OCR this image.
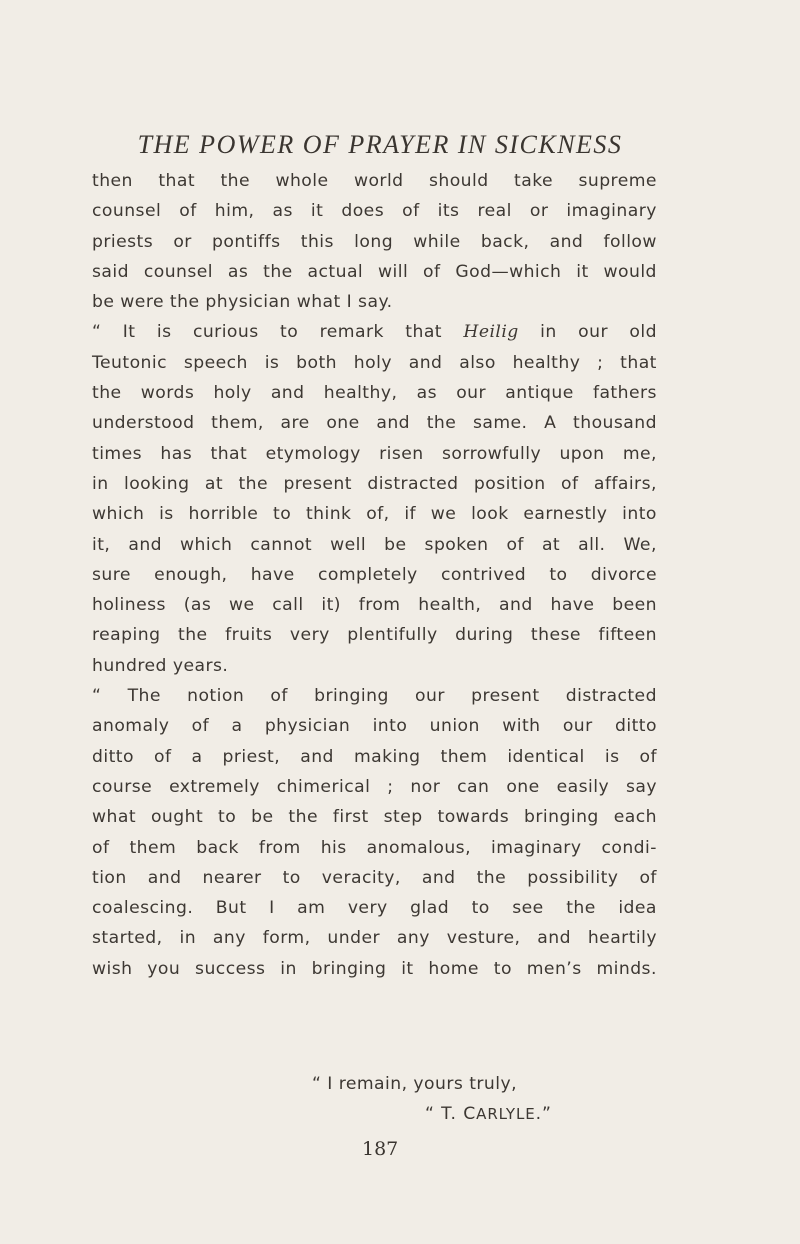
THE POWER OF PRAYER IN SICKNESS
then that the whole world should take supreme
counsel of him, as it does of its real or imaginary
priests or pontiffs this long while back, and follow
said counsel as the actual will of God—which it would
be were the physician what I say.
“ It is curious to remark that Heilig in our old
Teutonic speech is both holy and also healthy ; that
the words holy and healthy, as our antique fathers
understood them, are one and the same. A thousand
times has that etymology risen sorrowfully upon me,
in looking at the present distracted position of affairs,
which is horrible to think of, if we look earnestly into
it, and which cannot well be spoken of at all. We,
sure enough, have completely contrived to divorce
holiness (as we call it) from health, and have been
reaping the fruits very plentifully during these fifteen
hundred years.
“ The notion of bringing our present distracted
anomaly of a physician into union with our ditto
ditto of a priest, and making them identical is of
course extremely chimerical ; nor can one easily say
what ought to be the first step towards bringing each
of them back from his anomalous, imaginary condi-
tion and nearer to veracity, and the possibility of
coalescing. But I am very glad to see the idea
started, in any form, under any vesture, and heartily
wish you success in bringing it home to men’s minds.
“ I remain, yours truly,
“ T. CARLYLE.”
187
